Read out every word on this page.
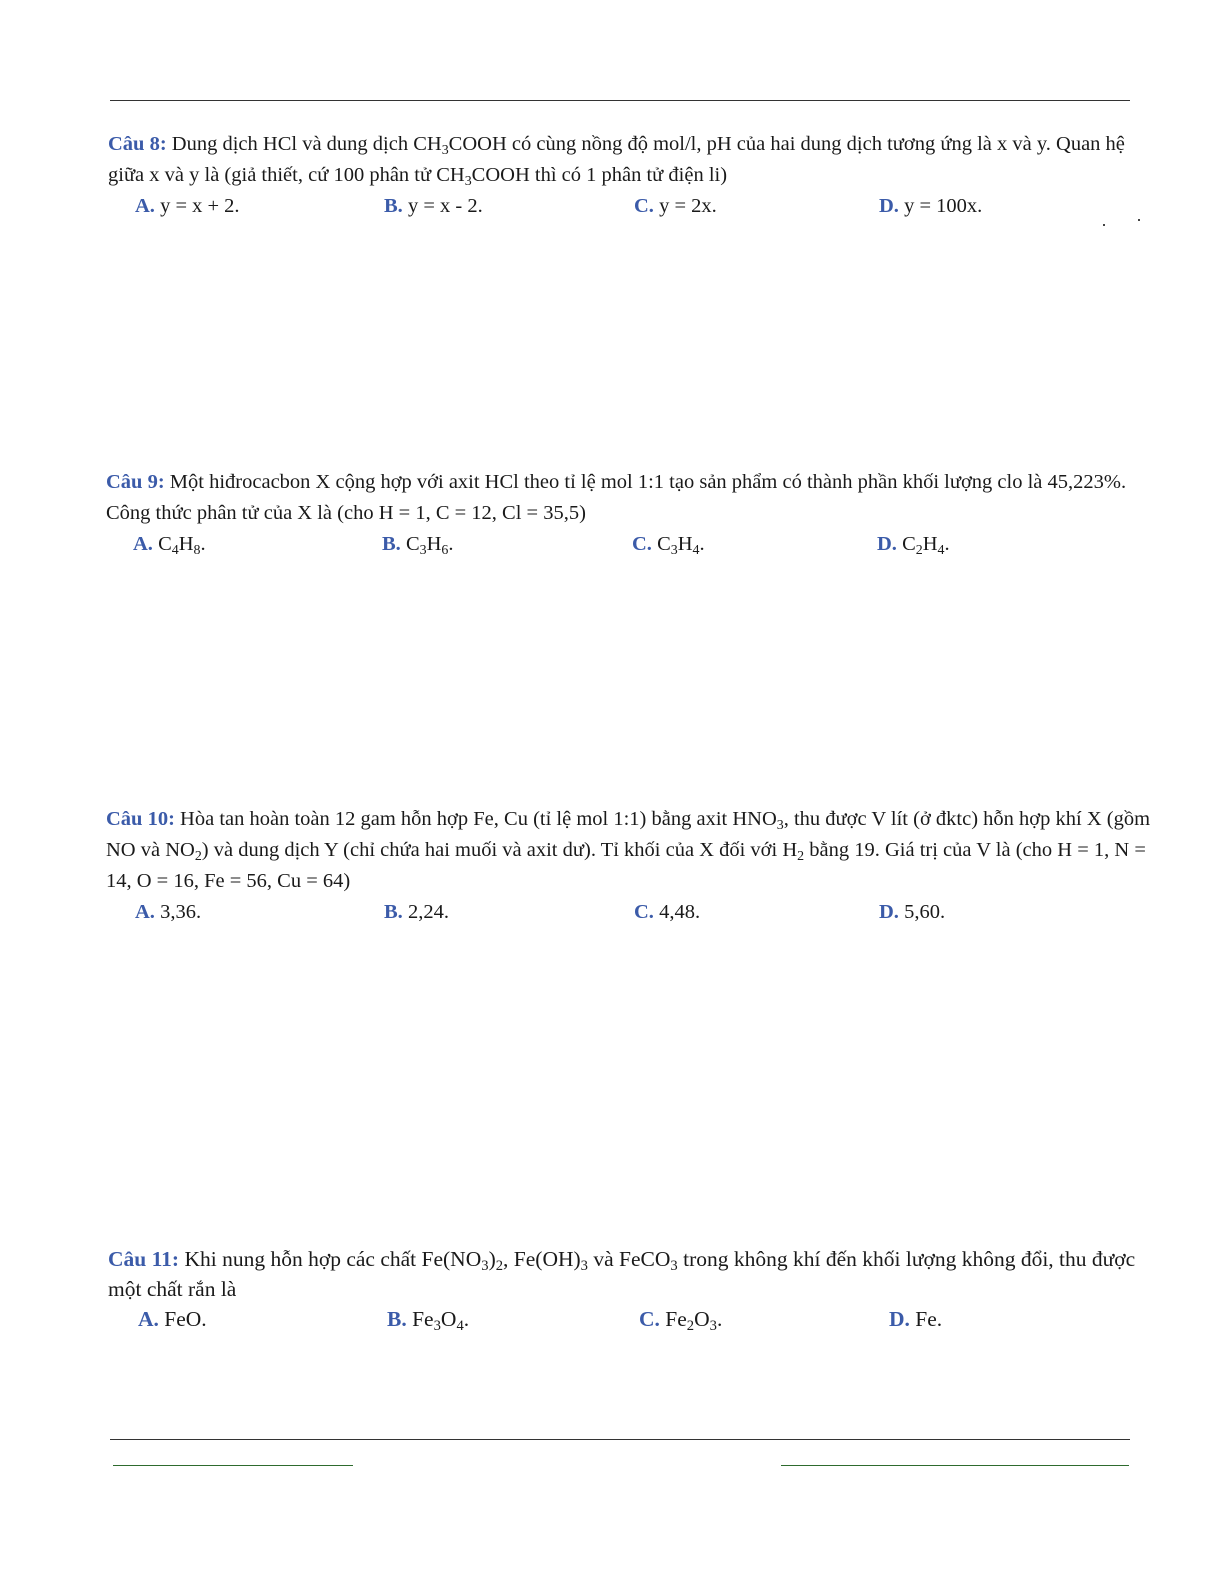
Câu 8: Dung dịch HCl và dung dịch $CH_3COOH$ có cùng nồng độ mol/l, pH của hai dung dịch tương ứng là x và y. Quan hệ giữa x và y là (giả thiết, cứ 100 phân tử $CH_3COOH$ thì có 1 phân tử điện li)

A. y = x + 2.	B. y = x - 2.	C. y = 2x.	D. y = 100x.

Câu 9: Một hiđrocacbon X cộng hợp với axit HCl theo tỉ lệ mol 1:1 tạo sản phẩm có thành phần khối lượng clo là 45,223%. Công thức phân tử của X là (cho H = 1, C = 12, Cl = 35,5)

A. $C_4H_8$.	B. $C_3H_6$.	C. $C_3H_4$.	D. $C_2H_4$.

Câu 10: Hòa tan hoàn toàn 12 gam hỗn hợp Fe, Cu (tỉ lệ mol 1:1) bằng axit $HNO_3$, thu được V lít (ở đktc) hỗn hợp khí X (gồm NO và $NO_2$) và dung dịch Y (chỉ chứa hai muối và axit dư). Tỉ khối của X đối với $H_2$ bằng 19. Giá trị của V là (cho H = 1, N = 14, O = 16, Fe = 56, Cu = 64)

A. 3,36.	B. 2,24.	C. 4,48.	D. 5,60.

Câu 11: Khi nung hỗn hợp các chất $Fe(NO_3)_2$, $Fe(OH)_3$ và FeCO$_3$ trong không khí đến khối lượng không đổi, thu được một chất rắn là

A. FeO.	B. $Fe_3O_4$.	C. $Fe_2O_3$.	D. Fe.
